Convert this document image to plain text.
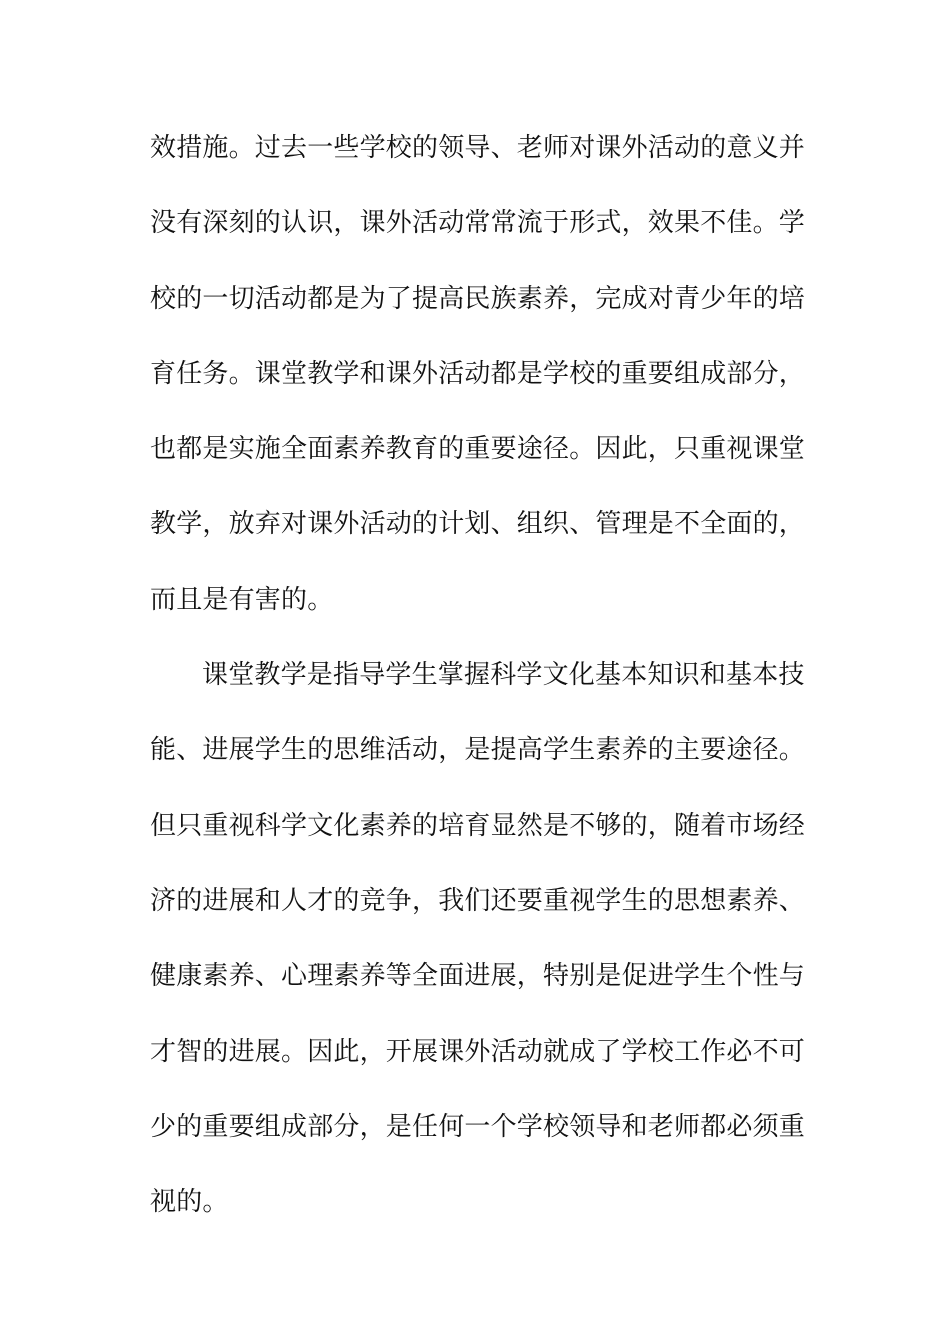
效措施。过去一些学校的领导、老师对课外活动的意义并
没有深刻的认识，课外活动常常流于形式，效果不佳。学
校的一切活动都是为了提高民族素养，完成对青少年的培
育任务。课堂教学和课外活动都是学校的重要组成部分，
也都是实施全面素养教育的重要途径。因此，只重视课堂
教学，放弃对课外活动的计划、组织、管理是不全面的，
而且是有害的。
课堂教学是指导学生掌握科学文化基本知识和基本技
能、进展学生的思维活动，是提高学生素养的主要途径。
但只重视科学文化素养的培育显然是不够的，随着市场经
济的进展和人才的竞争，我们还要重视学生的思想素养、
健康素养、心理素养等全面进展，特别是促进学生个性与
才智的进展。因此，开展课外活动就成了学校工作必不可
少的重要组成部分，是任何一个学校领导和老师都必须重
视的。
